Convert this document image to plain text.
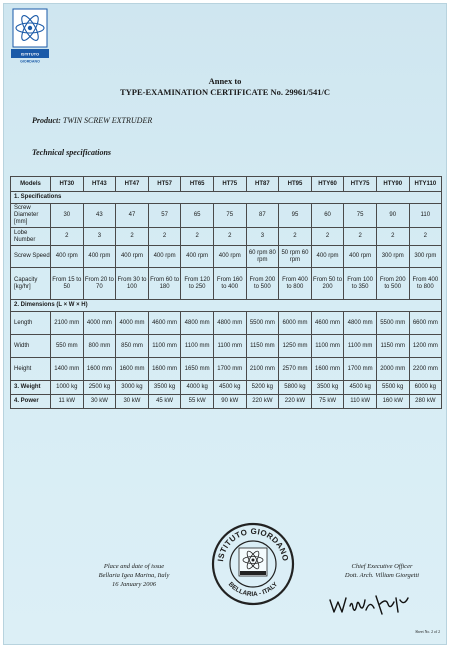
ISTITUTO
GIORDANO
Annex to
TYPE-EXAMINATION CERTIFICATE No. 29961/541/C
Product: TWIN SCREW EXTRUDER
Technical specifications
Models	HT30	HT43	HT47	HT57	HT65	HT75	HT87	HT95	HTY60	HTY75	HTY90	HTY110
1. Specifications												
Screw Diameter [mm]	30	43	47	57	65	75	87	95	60	75	90	110
Lobe Number	2	3	2	2	2	2	3	2	2	2	2	2
Screw Speed	400 rpm	400 rpm	400 rpm	400 rpm	400 rpm	400 rpm	60 rpm 80 rpm	50 rpm 60 rpm	400 rpm	400 rpm	300 rpm	300 rpm
Capacity [kg/hr]	From 15 to 50	From 20 to 70	From 30 to 100	From 60 to 180	From 120 to 250	From 160 to 400	From 200 to 500	From 400 to 800	From 50 to 200	From 100 to 350	From 200 to 500	From 400 to 800
2. Dimensions (L × W × H)												
Length	2100 mm	4000 mm	4000 mm	4600 mm	4800 mm	4800 mm	5500 mm	6000 mm	4600 mm	4800 mm	5500 mm	6600 mm
Width	550 mm	800 mm	850 mm	1100 mm	1100 mm	1100 mm	1150 mm	1250 mm	1100 mm	1100 mm	1150 mm	1200 mm
Height	1400 mm	1600 mm	1600 mm	1600 mm	1650 mm	1700 mm	2100 mm	2570 mm	1600 mm	1700 mm	2000 mm	2200 mm
3. Weight	1000 kg	2500 kg	3000 kg	3500 kg	4000 kg	4500 kg	5200 kg	5800 kg	3500 kg	4500 kg	5500 kg	6000 kg
4. Power	11 kW	30 kW	30 kW	45 kW	55 kW	90 kW	220 kW	220 kW	75 kW	110 kW	160 kW	280 kW
ISTITUTO GIORDANO
BELLARIA - ITALY
Place and date of issue
Bellaria Igea Marina, Italy
16 January 2006
Chief Executive Officer
Dott. Arch. Villiam Giorgetti
Sheet No. 2 of 2
